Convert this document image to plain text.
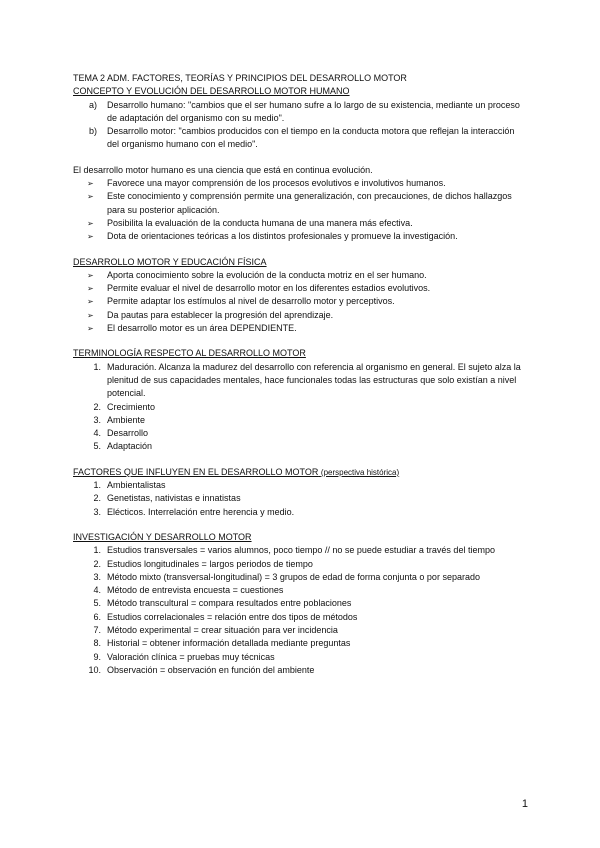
TEMA 2 ADM. FACTORES, TEORÍAS Y PRINCIPIOS DEL DESARROLLO MOTOR

CONCEPTO Y EVOLUCIÓN DEL DESARROLLO MOTOR HUMANO

a) Desarrollo humano: "cambios que el ser humano sufre a lo largo de su existencia, mediante un proceso de adaptación del organismo con su medio".
b) Desarrollo motor: "cambios producidos con el tiempo en la conducta motora que reflejan la interacción del organismo humano con el medio".

El desarrollo motor humano es una ciencia que está en continua evolución.

➢ Favorece una mayor comprensión de los procesos evolutivos e involutivos humanos.
➢ Este conocimiento y comprensión permite una generalización, con precauciones, de dichos hallazgos para su posterior aplicación.
➢ Posibilita la evaluación de la conducta humana de una manera más efectiva.
➢ Dota de orientaciones teóricas a los distintos profesionales y promueve la investigación.

DESARROLLO MOTOR Y EDUCACIÓN FÍSICA

➢ Aporta conocimiento sobre la evolución de la conducta motriz en el ser humano.
➢ Permite evaluar el nivel de desarrollo motor en los diferentes estadios evolutivos.
➢ Permite adaptar los estímulos al nivel de desarrollo motor y perceptivos.
➢ Da pautas para establecer la progresión del aprendizaje.
➢ El desarrollo motor es un área DEPENDIENTE.

TERMINOLOGÍA RESPECTO AL DESARROLLO MOTOR

1. Maduración. Alcanza la madurez del desarrollo con referencia al organismo en general. El sujeto alza la plenitud de sus capacidades mentales, hace funcionales todas las estructuras que solo existían a nivel potencial.
2. Crecimiento
3. Ambiente
4. Desarrollo
5. Adaptación

FACTORES QUE INFLUYEN EN EL DESARROLLO MOTOR (perspectiva histórica)

1. Ambientalistas
2. Genetistas, nativistas e innatistas
3. Elécticos. Interrelación entre herencia y medio.

INVESTIGACIÓN Y DESARROLLO MOTOR

1. Estudios transversales = varios alumnos, poco tiempo // no se puede estudiar a través del tiempo
2. Estudios longitudinales = largos periodos de tiempo
3. Método mixto (transversal-longitudinal) = 3 grupos de edad de forma conjunta o por separado
4. Método de entrevista encuesta = cuestiones
5. Método transcultural = compara resultados entre poblaciones
6. Estudios correlacionales = relación entre dos tipos de métodos
7. Método experimental = crear situación para ver incidencia
8. Historial = obtener información detallada mediante preguntas
9. Valoración clínica = pruebas muy técnicas
10. Observación = observación en función del ambiente
1
